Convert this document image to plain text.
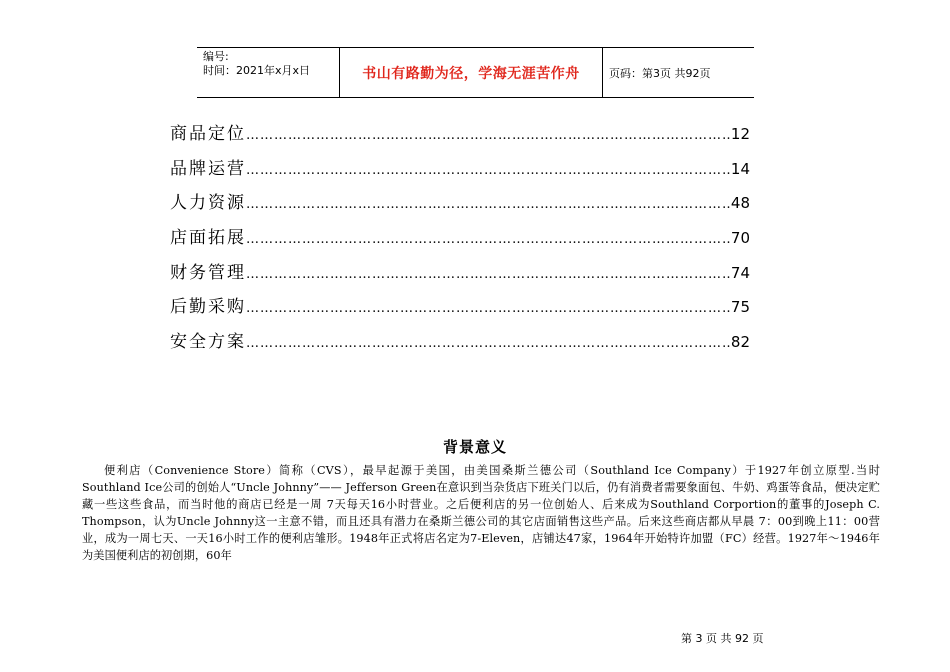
编号:
时间：2021年x月x日	书山有路勤为径，学海无涯苦作舟	页码：第3页 共92页
商品定位 …………………………………………………………………………………………………………………………………………………………	12
品牌运营 …………………………………………………………………………………………………………………………………………………………	14
人力资源 …………………………………………………………………………………………………………………………………………………………	48
店面拓展 …………………………………………………………………………………………………………………………………………………………	70
财务管理 …………………………………………………………………………………………………………………………………………………………	74
后勤采购 …………………………………………………………………………………………………………………………………………………………	75
安全方案 …………………………………………………………………………………………………………………………………………………………	82
背景意义
便利店（Convenience Store）简称（CVS），最早起源于美国，由美国桑斯兰德公司（Southland Ice Company）于1927年创立原型.当时 Southland Ice公司的创始人“Uncle Johnny”—— Jefferson Green在意识到当杂货店下班关门以后，仍有消费者需要象面包、牛奶、鸡蛋等食品，便决定贮藏一些这些食品，而当时他的商店已经是一周 7天每天16小时营业。之后便利店的另一位创始人、后来成为Southland Corportion的董事的Joseph C. Thompson，认为Uncle Johnny这一主意不错，而且还具有潜力在桑斯兰德公司的其它店面销售这些产品。后来这些商店都从早晨 7：00到晚上11：00营业，成为一周七天、一天16小时工作的便利店雏形。1948年正式将店名定为7-Eleven，店铺达47家，1964年开始特许加盟（FC）经营。1927年～1946年为美国便利店的初创期，60年
第 3 页 共 92 页
